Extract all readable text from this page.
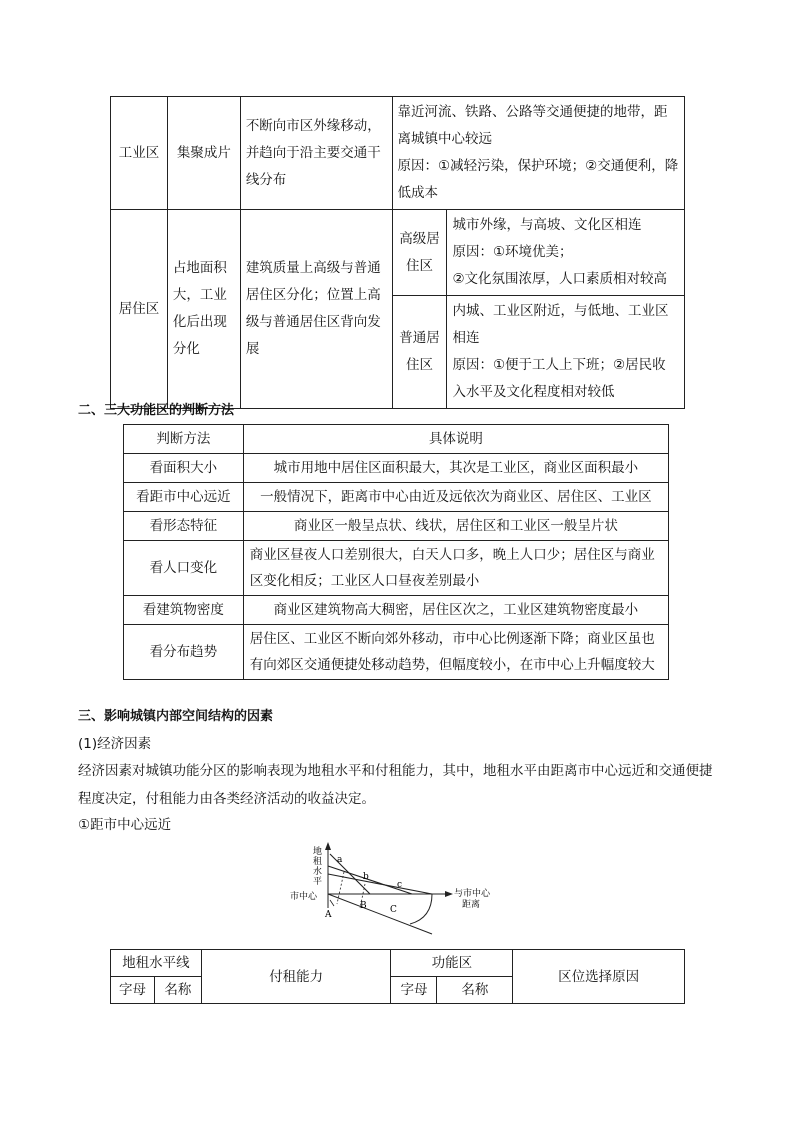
工业区	集聚成片	不断向市区外缘移动，并趋向于沿主要交通干线分布	靠近河流、铁路、公路等交通便捷的地带，距离城镇中心较远
原因：①减轻污染，保护环境；②交通便利，降低成本	

居住区	占地面积大，工业化后出现分化	建筑质量上高级与普通居住区分化；位置上高级与普通居住区背向发展	高级居住区	城市外缘，与高坡、文化区相连
原因：①环境优美；
②文化氛围浓厚，人口素质相对较高

			普通居住区	内城、工业区附近，与低地、工业区相连
原因：①便于工人上下班；②居民收入水平及文化程度相对较低
二、三大功能区的判断方法
判断方法	具体说明
看面积大小	城市用地中居住区面积最大，其次是工业区，商业区面积最小
看距市中心远近	一般情况下，距离市中心由近及远依次为商业区、居住区、工业区
看形态特征	商业区一般呈点状、线状，居住区和工业区一般呈片状
看人口变化	商业区昼夜人口差别很大，白天人口多，晚上人口少；居住区与商业区变化相反；工业区人口昼夜差别最小
看建筑物密度	商业区建筑物高大稠密，居住区次之，工业区建筑物密度最小
看分布趋势	居住区、工业区不断向郊外移动，市中心比例逐渐下降；商业区虽也有向郊区交通便捷处移动趋势，但幅度较小，在市中心上升幅度较大
三、影响城镇内部空间结构的因素
(1)经济因素
经济因素对城镇功能分区的影响表现为地租水平和付租能力，其中，地租水平由距离市中心远近和交通便捷程度决定，付租能力由各类经济活动的收益决定。
①距市中心远近
地
租
水
平
a
b
c
A
B	C
市中心	与市中心
距离
地租水平线		付租能力	功能区		区位选择原因
字母	名称		字母	名称	
